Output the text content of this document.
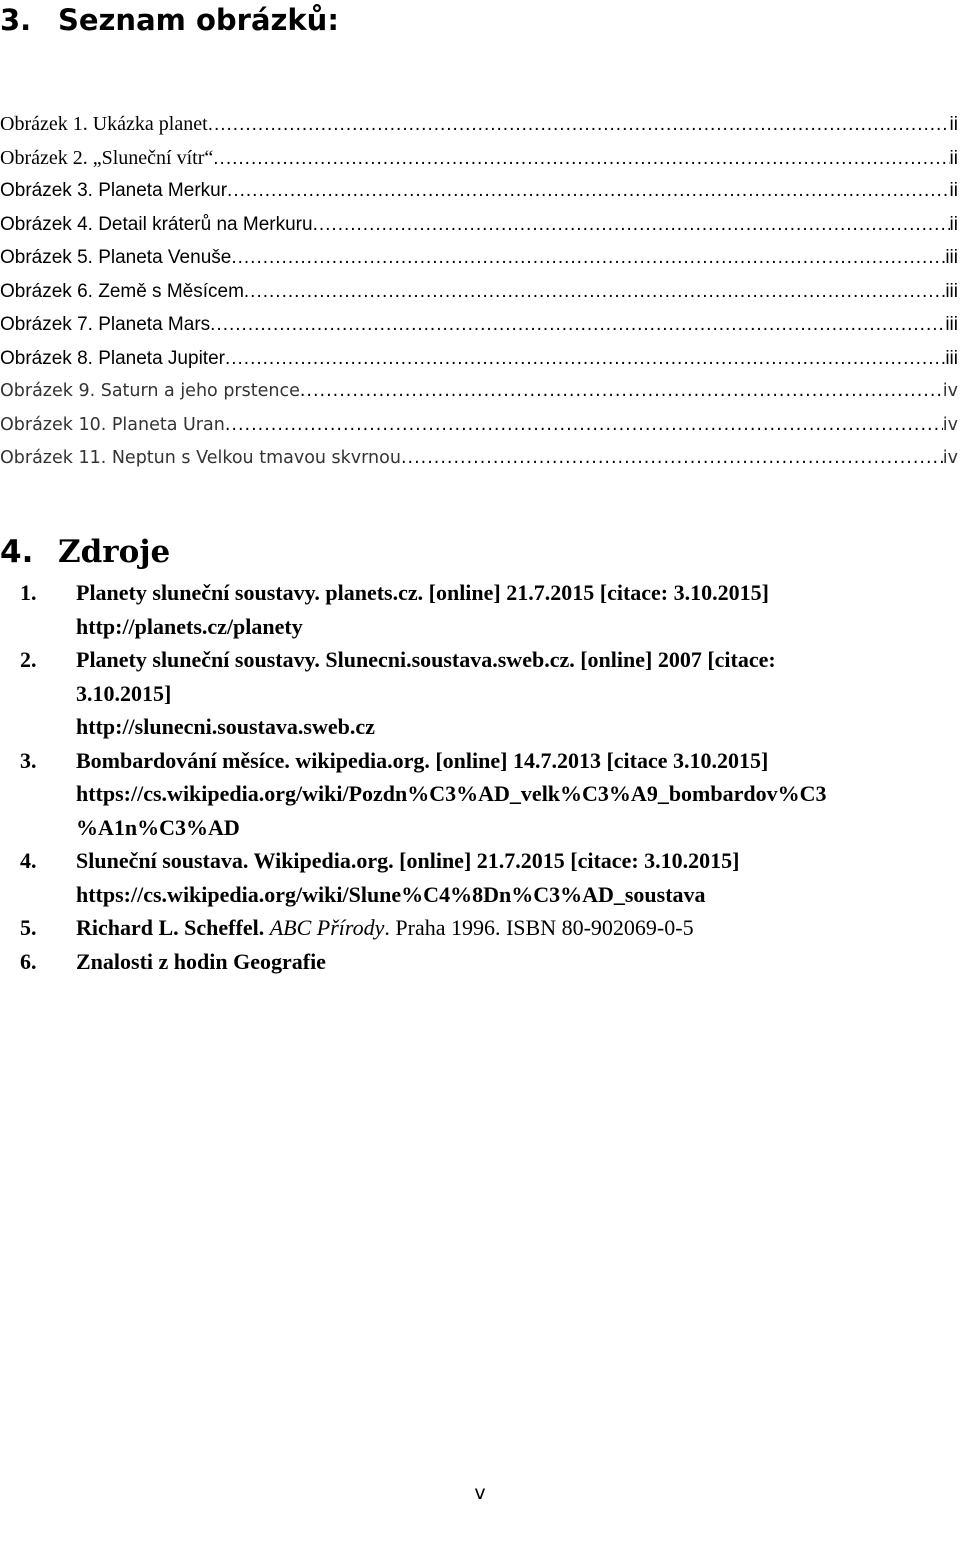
3. Seznam obrázků:
Obrázek 1. Ukázka planet .....	ii
Obrázek 2. „Sluneční vítr“ .....	ii
Obrázek 3. Planeta Merkur .....	ii
Obrázek 4. Detail kráterů na Merkuru .....	ii
Obrázek 5. Planeta Venuše .....	iii
Obrázek 6. Země s Měsícem .....	iii
Obrázek 7. Planeta Mars .....	iii
Obrázek 8. Planeta Jupiter .....	iii
Obrázek 9. Saturn a jeho prstence .....	iv
Obrázek 10. Planeta Uran .....	iv
Obrázek 11. Neptun s Velkou tmavou skvrnou .....	iv
4. Zdroje
1.	Planety sluneční soustavy. planets.cz. [online] 21.7.2015 [citace: 3.10.2015]
http://planets.cz/planety
2.	Planety sluneční soustavy. Slunecni.soustava.sweb.cz. [online] 2007 [citace:
3.10.2015]
http://slunecni.soustava.sweb.cz
3.	Bombardování měsíce. wikipedia.org. [online] 14.7.2013 [citace 3.10.2015]
https://cs.wikipedia.org/wiki/Pozdn%C3%AD_velk%C3%A9_bombardov%C3
%A1n%C3%AD
4.	Sluneční soustava. Wikipedia.org. [online] 21.7.2015 [citace: 3.10.2015]
https://cs.wikipedia.org/wiki/Slune%C4%8Dn%C3%AD_soustava
5.	Richard L. Scheffel. ABC Přírody. Praha 1996. ISBN 80-902069-0-5
6.	Znalosti z hodin Geografie
v
